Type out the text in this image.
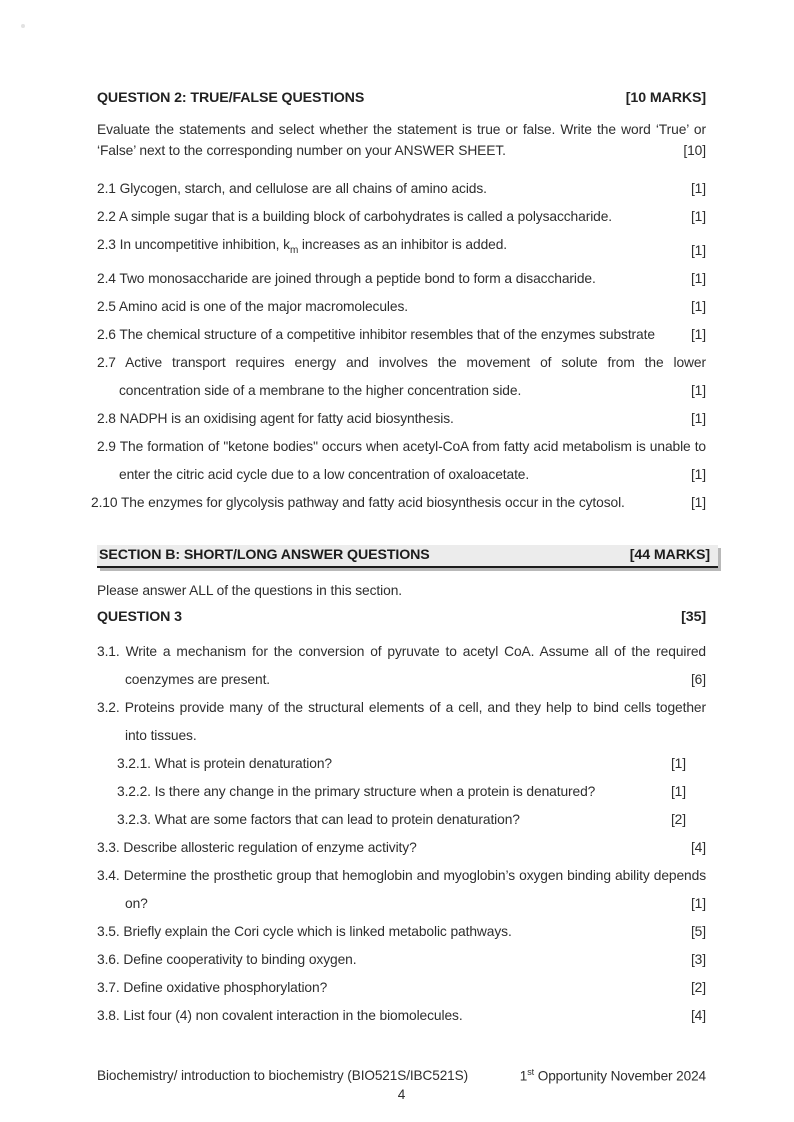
QUESTION 2: TRUE/FALSE QUESTIONS	[10 MARKS]
Evaluate the statements and select whether the statement is true or false. Write the word ‘True’ or ‘False’ next to the corresponding number on your ANSWER SHEET.	[10]
2.1 Glycogen, starch, and cellulose are all chains of amino acids.	[1]
2.2 A simple sugar that is a building block of carbohydrates is called a polysaccharide.	[1]
2.3 In uncompetitive inhibition, $k_m$ increases as an inhibitor is added.	[1]
2.4 Two monosaccharide are joined through a peptide bond to form a disaccharide.	[1]
2.5 Amino acid is one of the major macromolecules.	[1]
2.6 The chemical structure of a competitive inhibitor resembles that of the enzymes substrate	[1]
2.7 Active transport requires energy and involves the movement of solute from the lower concentration side of a membrane to the higher concentration side.	[1]
2.8 NADPH is an oxidising agent for fatty acid biosynthesis.	[1]
2.9 The formation of "ketone bodies" occurs when acetyl-CoA from fatty acid metabolism is unable to enter the citric acid cycle due to a low concentration of oxaloacetate.	[1]
2.10 The enzymes for glycolysis pathway and fatty acid biosynthesis occur in the cytosol.	[1]
SECTION B: SHORT/LONG ANSWER QUESTIONS	[44 MARKS]
Please answer ALL of the questions in this section.
QUESTION 3	[35]
3.1. Write a mechanism for the conversion of pyruvate to acetyl CoA. Assume all of the required coenzymes are present.	[6]
3.2. Proteins provide many of the structural elements of a cell, and they help to bind cells together into tissues.
3.2.1. What is protein denaturation?	[1]
3.2.2. Is there any change in the primary structure when a protein is denatured?	[1]
3.2.3. What are some factors that can lead to protein denaturation?	[2]
3.3. Describe allosteric regulation of enzyme activity?	[4]
3.4. Determine the prosthetic group that hemoglobin and myoglobin’s oxygen binding ability depends on?	[1]
3.5. Briefly explain the Cori cycle which is linked metabolic pathways.	[5]
3.6. Define cooperativity to binding oxygen.	[3]
3.7. Define oxidative phosphorylation?	[2]
3.8. List four (4) non covalent interaction in the biomolecules.	[4]
Biochemistry/ introduction to biochemistry (BIO521S/IBC521S)	1st Opportunity November 2024
4
